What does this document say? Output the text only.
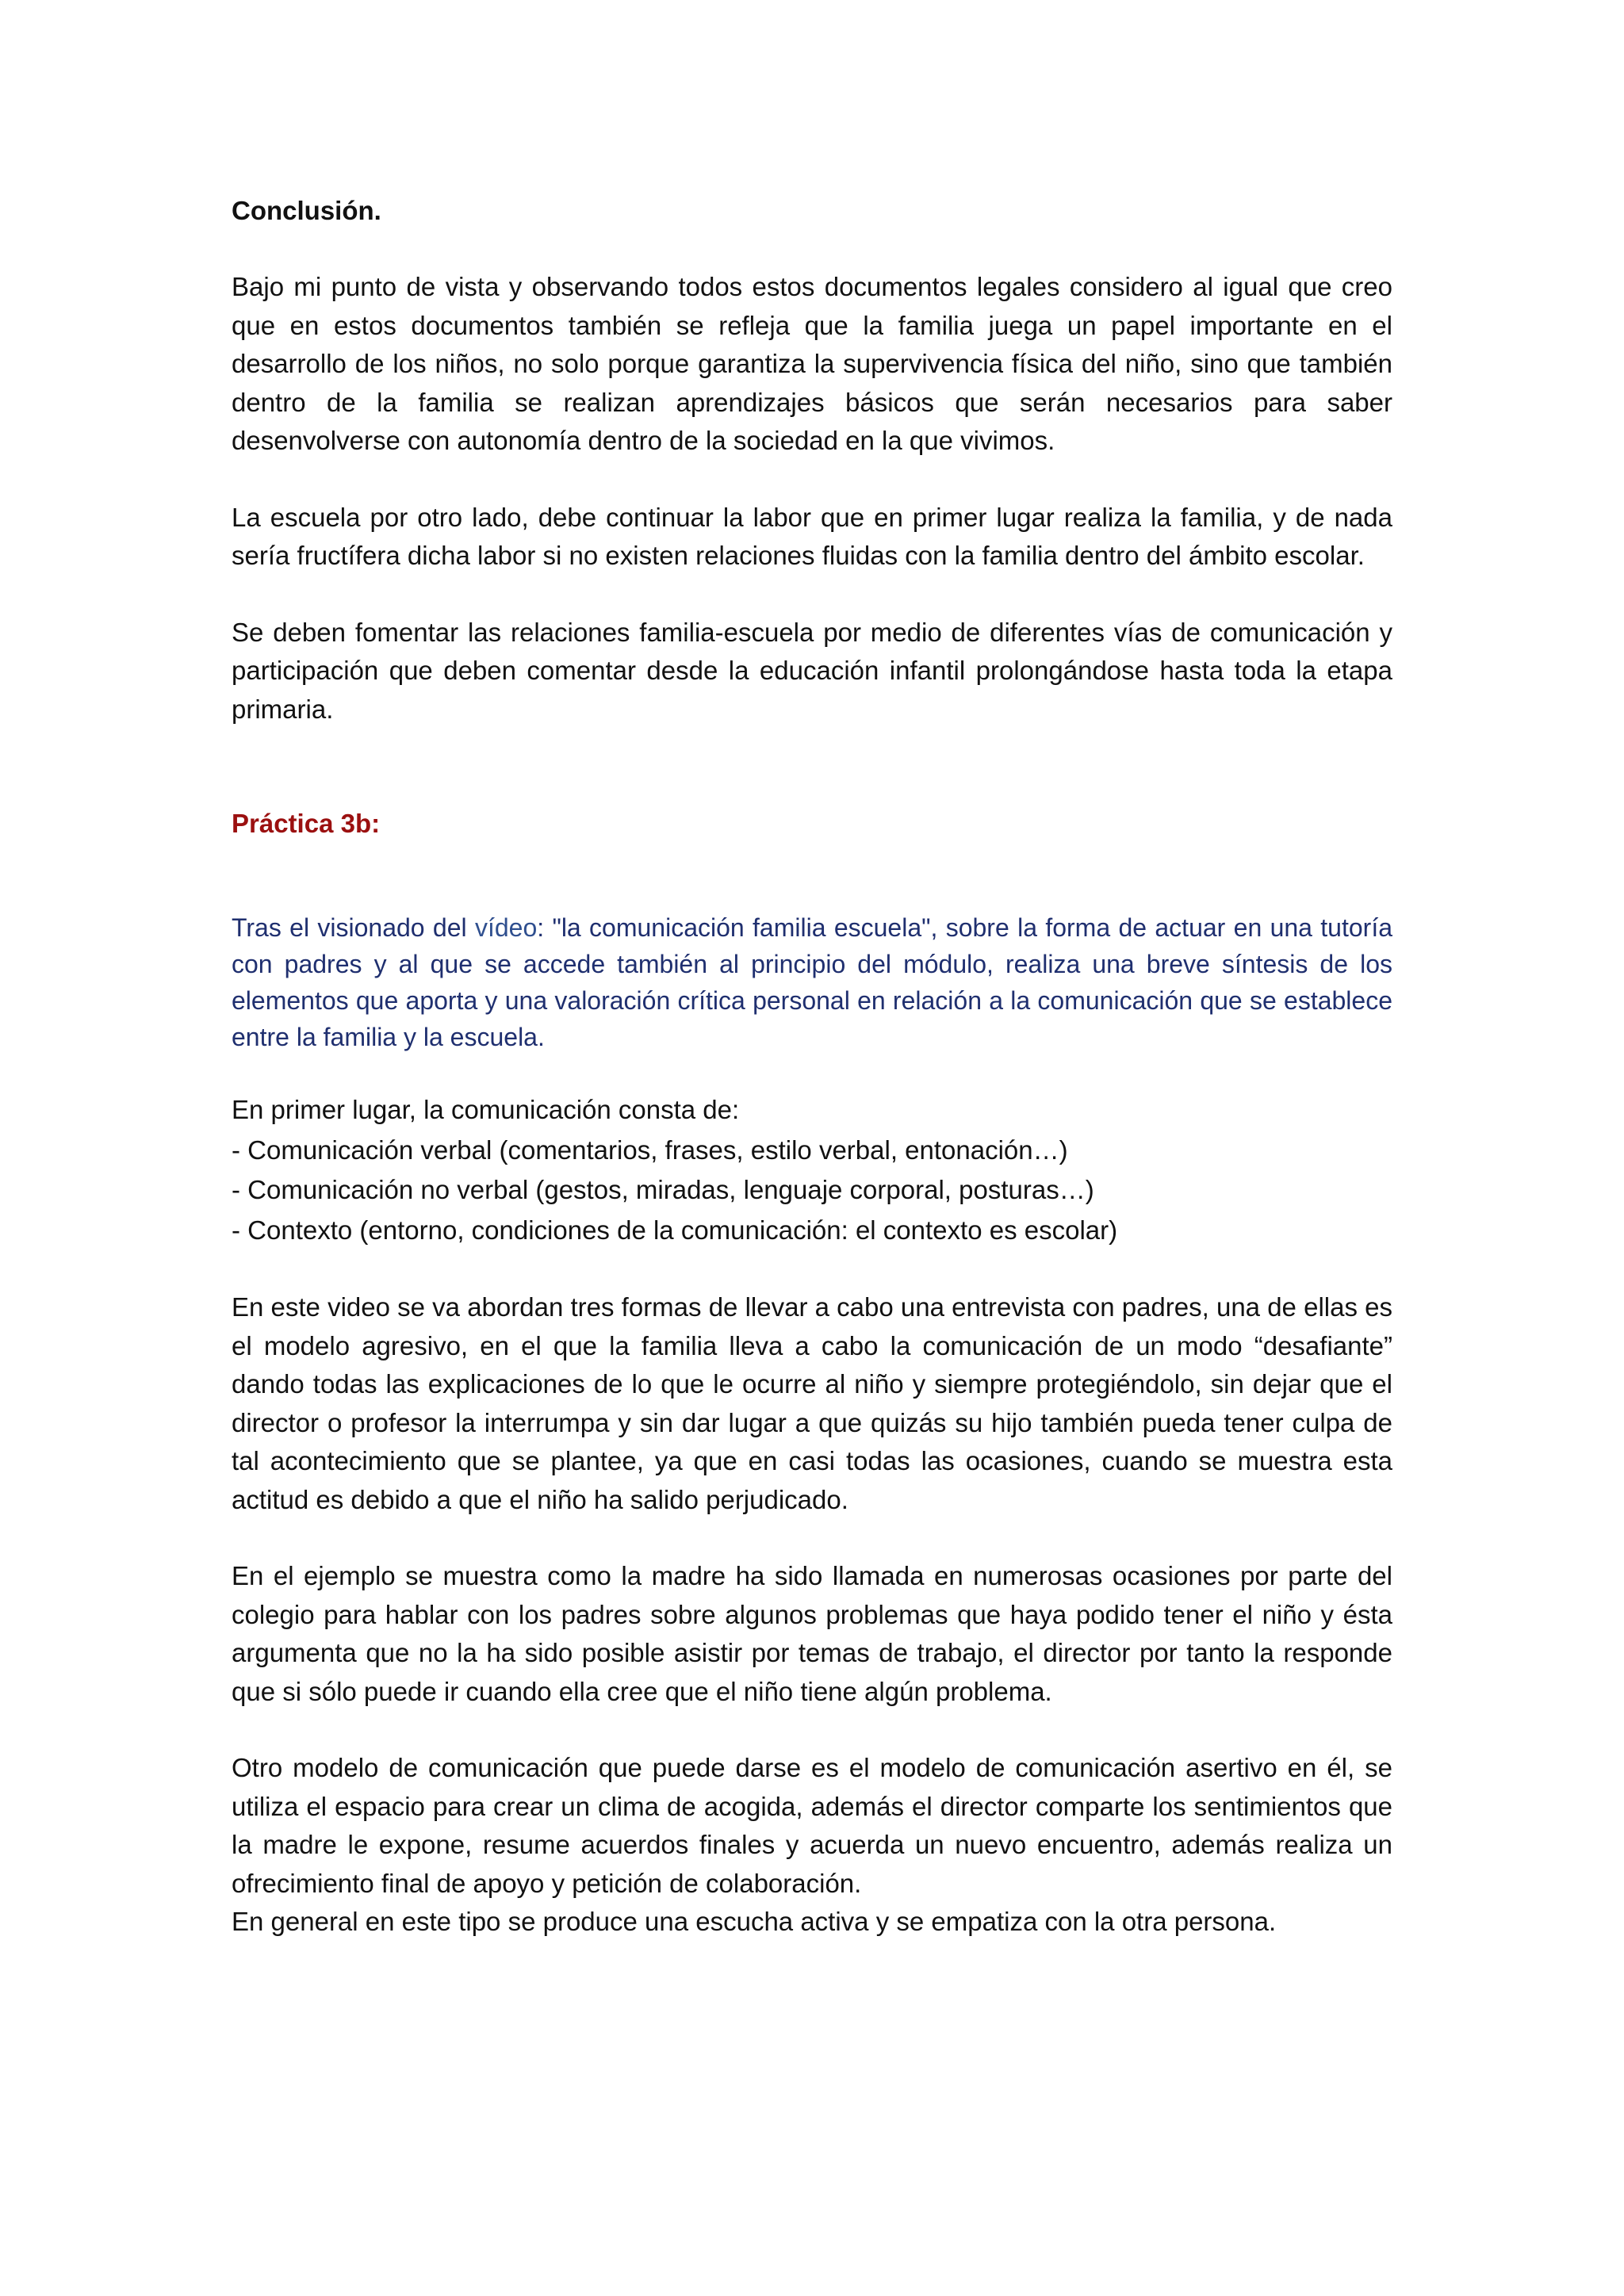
Conclusión.

Bajo mi punto de vista y observando todos estos documentos legales considero al igual que creo que en estos documentos también se refleja que la familia juega un papel importante en el desarrollo de los niños, no solo porque garantiza la supervivencia física del niño, sino que también dentro de la familia se realizan aprendizajes básicos que serán necesarios para saber desenvolverse con autonomía dentro de la sociedad en la que vivimos.

La escuela por otro lado, debe continuar la labor que en primer lugar realiza la familia, y de nada sería fructífera dicha labor si no existen relaciones fluidas con la familia dentro del ámbito escolar.

Se deben fomentar las relaciones familia-escuela por medio de diferentes vías de comunicación y participación que deben comentar desde la educación infantil prolongándose hasta toda la etapa primaria.

Práctica 3b:

Tras el visionado del vídeo: "la comunicación familia escuela", sobre la forma de actuar en una tutoría con padres y al que se accede también al principio del módulo, realiza una breve síntesis de los elementos que aporta y una valoración crítica personal en relación a la comunicación que se establece entre la familia y la escuela.

En primer lugar, la comunicación consta de:
- Comunicación verbal (comentarios, frases, estilo verbal, entonación…)
- Comunicación no verbal (gestos, miradas, lenguaje corporal, posturas…)
- Contexto (entorno, condiciones de la comunicación: el contexto es escolar)

En este video se va abordan tres formas de llevar a cabo una entrevista con padres, una de ellas es el modelo agresivo, en el que la familia lleva a cabo la comunicación de un modo “desafiante” dando todas las explicaciones de lo que le ocurre al niño y siempre protegiéndolo, sin dejar que el director o profesor la interrumpa y sin dar lugar a que quizás su hijo también pueda tener culpa de tal acontecimiento que se plantee, ya que en casi todas las ocasiones, cuando se muestra esta actitud es debido a que el niño ha salido perjudicado.

En el ejemplo se muestra como la madre ha sido llamada en numerosas ocasiones por parte del colegio para hablar con los padres sobre algunos problemas que haya podido tener el niño y ésta argumenta que no la ha sido posible asistir por temas de trabajo, el director por tanto la responde que si sólo puede ir cuando ella cree que el niño tiene algún problema.

Otro modelo de comunicación que puede darse es el modelo de comunicación asertivo en él, se utiliza el espacio para crear un clima de acogida, además el director comparte los sentimientos que la madre le expone, resume acuerdos finales y acuerda un nuevo encuentro, además realiza un ofrecimiento final de apoyo y petición de colaboración.

En general en este tipo se produce una escucha activa y se empatiza con la otra persona.
